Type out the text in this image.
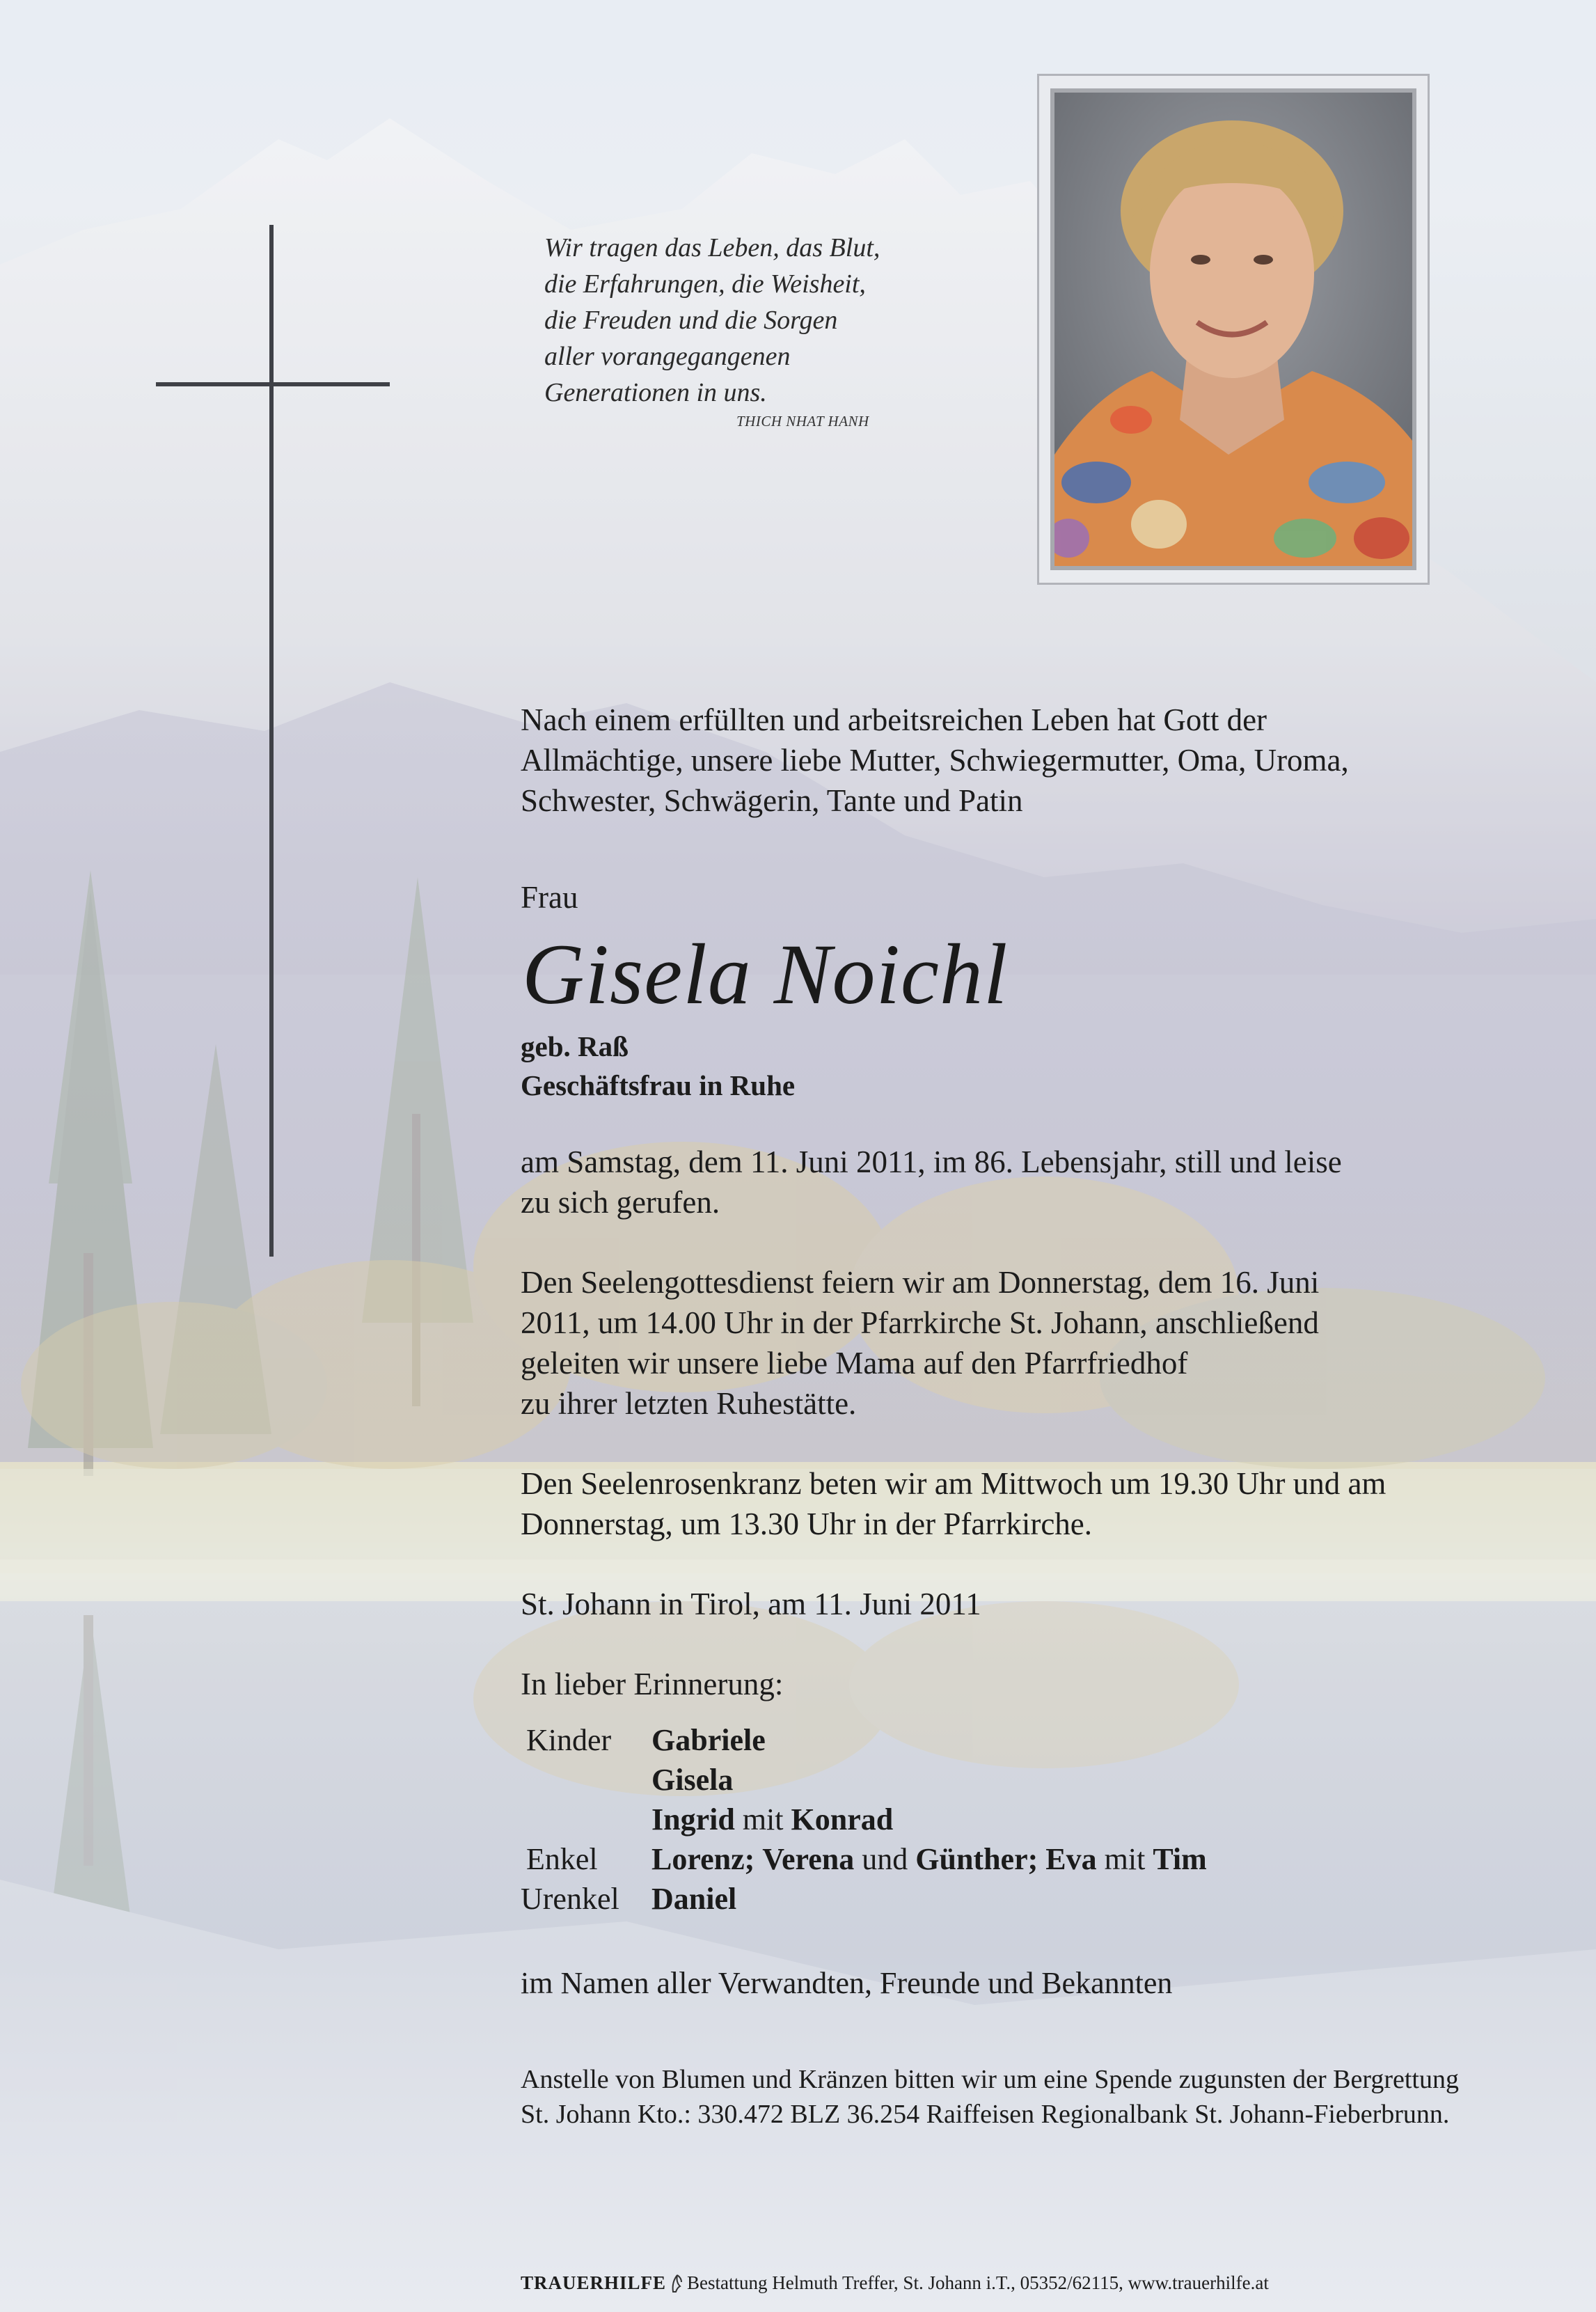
Wir tragen das Leben, das Blut,
die Erfahrungen, die Weisheit,
die Freuden und die Sorgen
aller vorangegangenen
Generationen in uns.
THICH NHAT HANH
Nach einem erfüllten und arbeitsreichen Leben hat Gott der
Allmächtige, unsere liebe Mutter, Schwiegermutter, Oma, Uroma,
Schwester, Schwägerin, Tante und Patin
Frau
Gisela Noichl
geb. Raß
Geschäftsfrau in Ruhe
am Samstag, dem 11. Juni 2011, im 86. Lebensjahr, still und leise
zu sich gerufen.
Den Seelengottesdienst feiern wir am Donnerstag, dem 16. Juni
2011, um 14.00 Uhr in der Pfarrkirche St. Johann, anschließend
geleiten wir unsere liebe Mama auf den Pfarrfriedhof
zu ihrer letzten Ruhestätte.
Den Seelenrosenkranz beten wir am Mittwoch um 19.30 Uhr und am
Donnerstag, um 13.30 Uhr in der Pfarrkirche.
St. Johann in Tirol, am 11. Juni 2011
In lieber Erinnerung:
Kinder Gabriele
Gisela
Ingrid mit Konrad
Enkel Lorenz; Verena und Günther; Eva mit Tim
Urenkel Daniel
im Namen aller Verwandten, Freunde und Bekannten
Anstelle von Blumen und Kränzen bitten wir um eine Spende zugunsten der Bergrettung
St. Johann Kto.: 330.472 BLZ 36.254 Raiffeisen Regionalbank St. Johann-Fieberbrunn.
TRAUERHILFE Bestattung Helmuth Treffer, St. Johann i.T., 05352/62115, www.trauerhilfe.at
